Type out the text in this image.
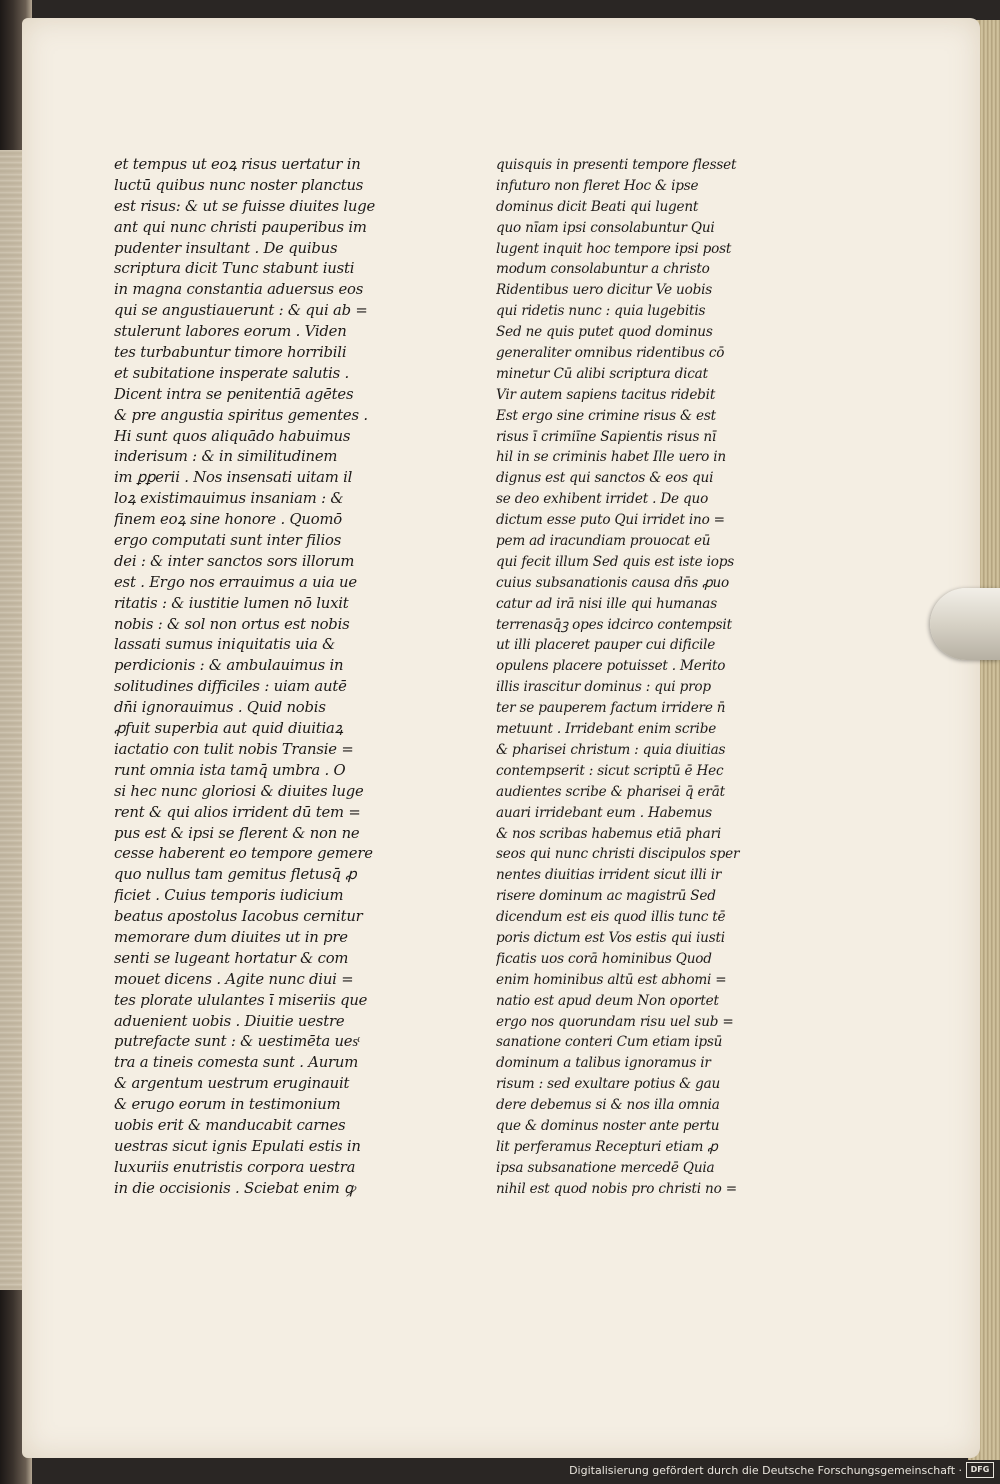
et tempus ut eoꝝ risus uertatur in
luctū quibus nunc noster planctus
est risus: & ut se fuisse diuites luge
ant qui nunc christi pauperibus im
pudenter insultant . De quibus
scriptura dicit Tunc stabunt iusti
in magna constantia aduersus eos
qui se angustiauerunt : & qui ab =
stulerunt labores eorum . Viden
tes turbabuntur timore horribili
et subitatione insperate salutis .
Dicent intra se penitentiā agētes
& pre angustia spiritus gementes .
Hi sunt quos aliquādo habuimus
inderisum : & in similitudinem
im ꝑꝑerii . Nos insensati uitam il
loꝝ existimauimus insaniam : &
finem eoꝝ sine honore . Quomō
ergo computati sunt inter filios
dei : & inter sanctos sors illorum
est . Ergo nos errauimus a uia ue
ritatis : & iustitie lumen nō luxit
nobis : & sol non ortus est nobis
lassati sumus iniquitatis uia &
perdicionis : & ambulauimus in
solitudines difficiles : uiam autē
dn̄i ignorauimus . Quid nobis
ꝓfuit superbia aut quid diuitiaꝝ
iactatio con tulit nobis Transie =
runt omnia ista tamq̄ umbra . O
si hec nunc gloriosi & diuites luge
rent & qui alios irrident dū tem =
pus est & ipsi se flerent & non ne
cesse haberent eo tempore gemere
quo nullus tam gemitus fletusq̄ ꝓ
ficiet . Cuius temporis iudicium
beatus apostolus Iacobus cernitur
memorare dum diuites ut in pre
senti se lugeant hortatur & com
mouet dicens . Agite nunc diui =
tes plorate ululantes ī miseriis que
aduenient uobis . Diuitie uestre
putrefacte sunt : & uestimēta uesͭ
tra a tineis comesta sunt . Aurum
& argentum uestrum eruginauit
& erugo eorum in testimonium
uobis erit & manducabit carnes
uestras sicut ignis Epulati estis in
luxuriis enutristis corpora uestra
in die occisionis . Sciebat enim ꝙ
quisquis in presenti tempore flesset
infuturo non fleret Hoc & ipse
dominus dicit Beati qui lugent
quo nīam ipsi consolabuntur Qui
lugent inquit hoc tempore ipsi post
modum consolabuntur a christo
Ridentibus uero dicitur Ve uobis
qui ridetis nunc : quia lugebitis
Sed ne quis putet quod dominus
generaliter omnibus ridentibus cō
minetur Cū alibi scriptura dicat
Vir autem sapiens tacitus ridebit
Est ergo sine crimine risus & est
risus ī crimiīne Sapientis risus nī
hil in se criminis habet Ille uero in
dignus est qui sanctos & eos qui
se deo exhibent irridet . De quo
dictum esse puto Qui irridet ino =
pem ad iracundiam prouocat eū
qui fecit illum Sed quis est iste iops
cuius subsanationis causa dn̄s ꝓuo
catur ad irā nisi ille qui humanas
terrenasq̄ꝫ opes idcirco contempsit
ut illi placeret pauper cui dificile
opulens placere potuisset . Merito
illis irascitur dominus : qui prop
ter se pauperem factum irridere n̄
metuunt . Irridebant enim scribe
& pharisei christum : quia diuitias
contempserit : sicut scriptū ē Hec
audientes scribe & pharisei q̄ erāt
auari irridebant eum . Habemus
& nos scribas habemus etiā phari
seos qui nunc christi discipulos sper
nentes diuitias irrident sicut illi ir
risere dominum ac magistrū Sed
dicendum est eis quod illis tunc tē
poris dictum est Vos estis qui iusti
ficatis uos corā hominibus Quod
enim hominibus altū est abhomi =
natio est apud deum Non oportet
ergo nos quorundam risu uel sub =
sanatione conteri Cum etiam ipsū
dominum a talibus ignoramus ir
risum : sed exultare potius & gau
dere debemus si & nos illa omnia
que & dominus noster ante pertu
lit perferamus Recepturi etiam ꝓ
ipsa subsanatione mercedē Quia
nihil est quod nobis pro christi no =
Digitalisierung gefördert durch die Deutsche Forschungsgemeinschaft ·	DFG
